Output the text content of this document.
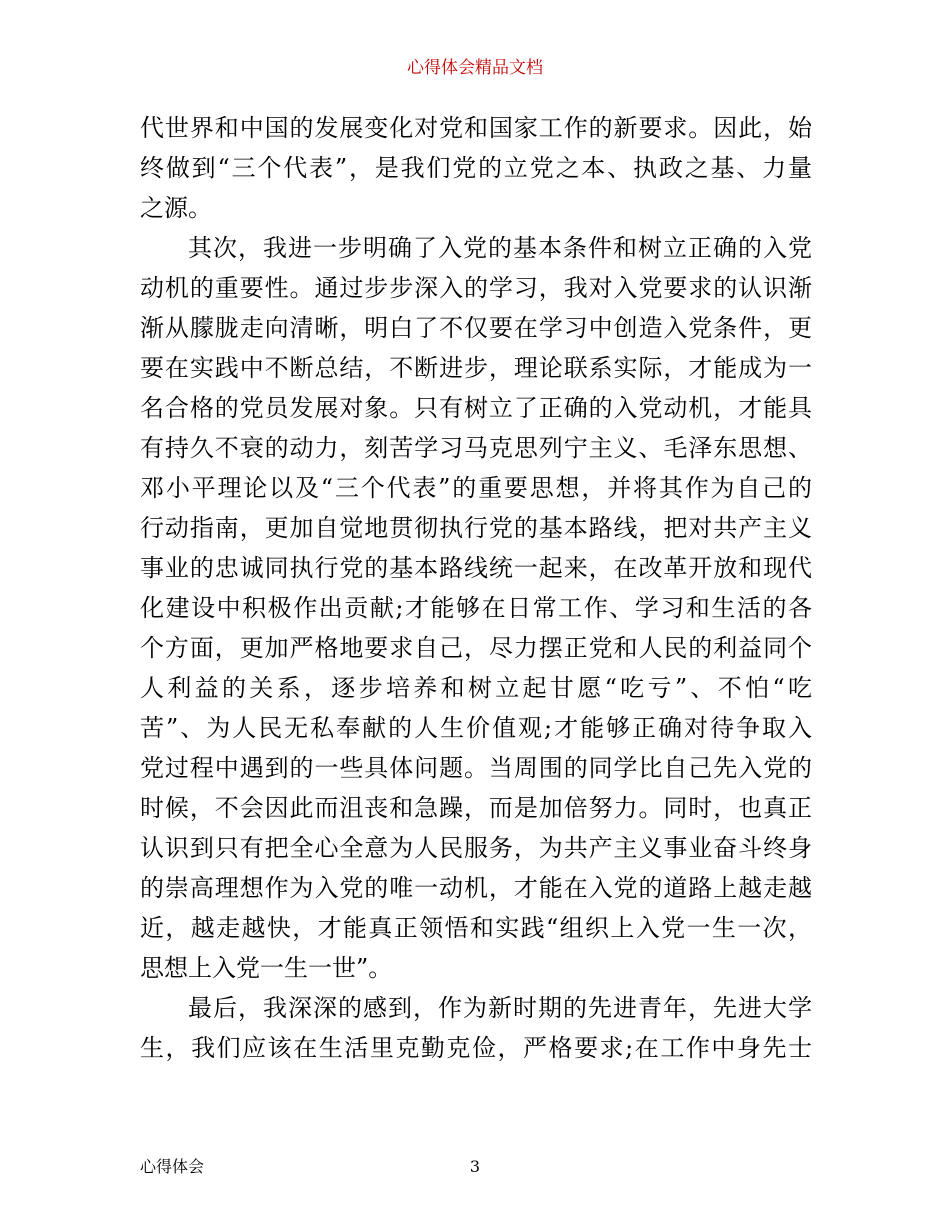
心得体会精品文档
代世界和中国的发展变化对党和国家工作的新要求。因此，始
终做到“三个代表”，是我们党的立党之本、执政之基、力量
之源。
其次，我进一步明确了入党的基本条件和树立正确的入党
动机的重要性。通过步步深入的学习，我对入党要求的认识渐
渐从朦胧走向清晰，明白了不仅要在学习中创造入党条件，更
要在实践中不断总结，不断进步，理论联系实际，才能成为一
名合格的党员发展对象。只有树立了正确的入党动机，才能具
有持久不衰的动力，刻苦学习马克思列宁主义、毛泽东思想、
邓小平理论以及“三个代表”的重要思想，并将其作为自己的
行动指南，更加自觉地贯彻执行党的基本路线，把对共产主义
事业的忠诚同执行党的基本路线统一起来，在改革开放和现代
化建设中积极作出贡献;才能够在日常工作、学习和生活的各
个方面，更加严格地要求自己，尽力摆正党和人民的利益同个
人利益的关系，逐步培养和树立起甘愿“吃亏”、不怕“吃
苦”、为人民无私奉献的人生价值观;才能够正确对待争取入
党过程中遇到的一些具体问题。当周围的同学比自己先入党的
时候，不会因此而沮丧和急躁，而是加倍努力。同时，也真正
认识到只有把全心全意为人民服务，为共产主义事业奋斗终身
的崇高理想作为入党的唯一动机，才能在入党的道路上越走越
近，越走越快，才能真正领悟和实践“组织上入党一生一次，
思想上入党一生一世”。
最后，我深深的感到，作为新时期的先进青年，先进大学
生，我们应该在生活里克勤克俭，严格要求;在工作中身先士
心得体会	3
